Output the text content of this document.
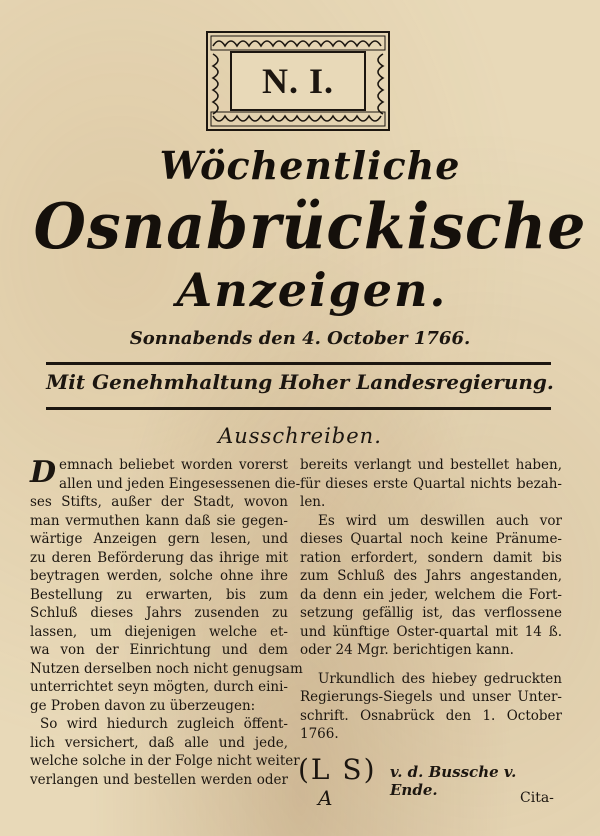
N. I.
Wöchentliche
Osnabrückische
Anzeigen.
Sonnabends den 4. October 1766.
Mit Genehmhaltung Hoher Landesregierung.
Ausschreiben.
D emnach beliebet worden vorerst
allen und jeden Eingesessenen die-
ses Stifts, außer der Stadt, wovon
man vermuthen kann daß sie gegen-
wärtige Anzeigen gern lesen, und
zu deren Beförderung das ihrige mit
beytragen werden, solche ohne ihre
Bestellung zu erwarten, bis zum
Schluß dieses Jahrs zusenden zu
lassen, um diejenigen welche et-
wa von der Einrichtung und dem
Nutzen derselben noch nicht genugsam
unterrichtet seyn mögten, durch eini-
ge Proben davon zu überzeugen:
So wird hiedurch zugleich öffent-
lich versichert, daß alle und jede,
welche solche in der Folge nicht weiter
verlangen und bestellen werden oder
bereits verlangt und bestellet haben,
für dieses erste Quartal nichts bezah-
len.
Es wird um deswillen auch vor
dieses Quartal noch keine Pränume-
ration erfordert, sondern damit bis
zum Schluß des Jahrs angestanden,
da denn ein jeder, welchem die Fort-
setzung gefällig ist, das verflossene
und künftige Oster-quartal mit 14 ß.
oder 24 Mgr. berichtigen kann.
Urkundlich des hiebey gedruckten
Regierungs-Siegels und unser Unter-
schrift. Osnabrück den 1. October
1766.
(L S) v. d. Bussche v. Ende.
A	Cita-
